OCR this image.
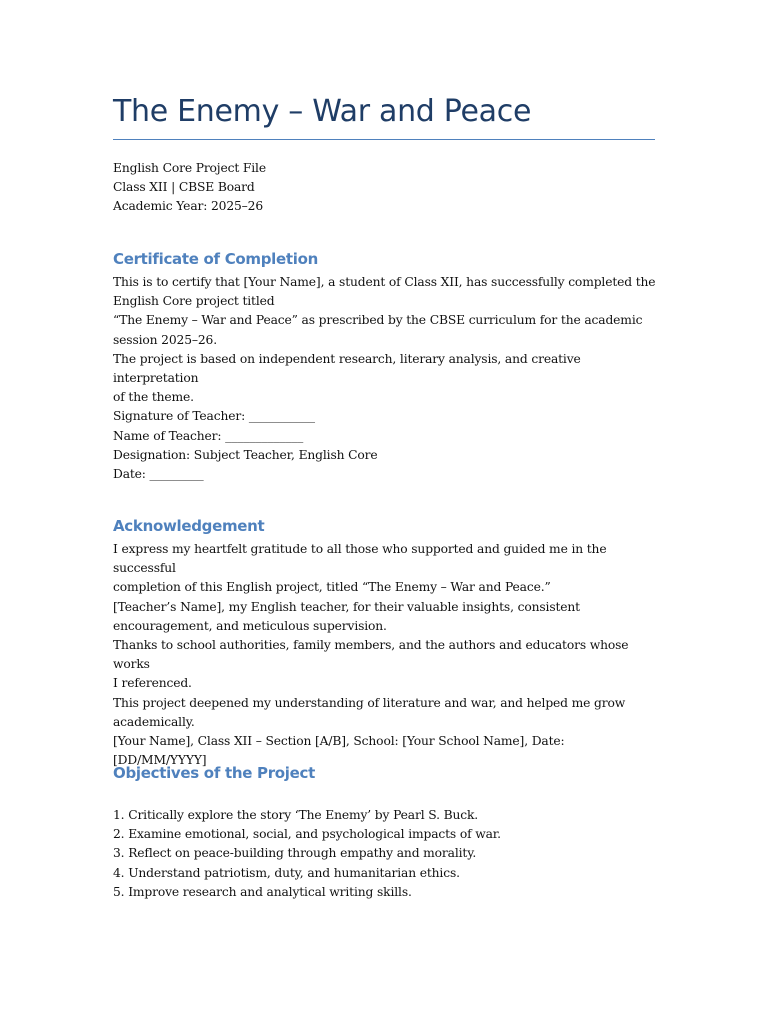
The Enemy – War and Peace

English Core Project File

Class XII | CBSE Board

Academic Year: 2025–26

Certificate of Completion

This is to certify that [Your Name], a student of Class XII, has successfully completed the

English Core project titled

“The Enemy – War and Peace” as prescribed by the CBSE curriculum for the academic

session 2025–26.

The project is based on independent research, literary analysis, and creative interpretation

of the theme.

Signature of Teacher: ___________

Name of Teacher: _____________

Designation: Subject Teacher, English Core

Date: _________

Acknowledgement

I express my heartfelt gratitude to all those who supported and guided me in the successful

completion of this English project, titled “The Enemy – War and Peace.”

[Teacher’s Name], my English teacher, for their valuable insights, consistent

encouragement, and meticulous supervision.

Thanks to school authorities, family members, and the authors and educators whose works

I referenced.

This project deepened my understanding of literature and war, and helped me grow

academically.

[Your Name], Class XII – Section [A/B], School: [Your School Name], Date: [DD/MM/YYYY]

Objectives of the Project
1. Critically explore the story ‘The Enemy’ by Pearl S. Buck.
2. Examine emotional, social, and psychological impacts of war.
3. Reflect on peace-building through empathy and morality.
4. Understand patriotism, duty, and humanitarian ethics.
5. Improve research and analytical writing skills.
